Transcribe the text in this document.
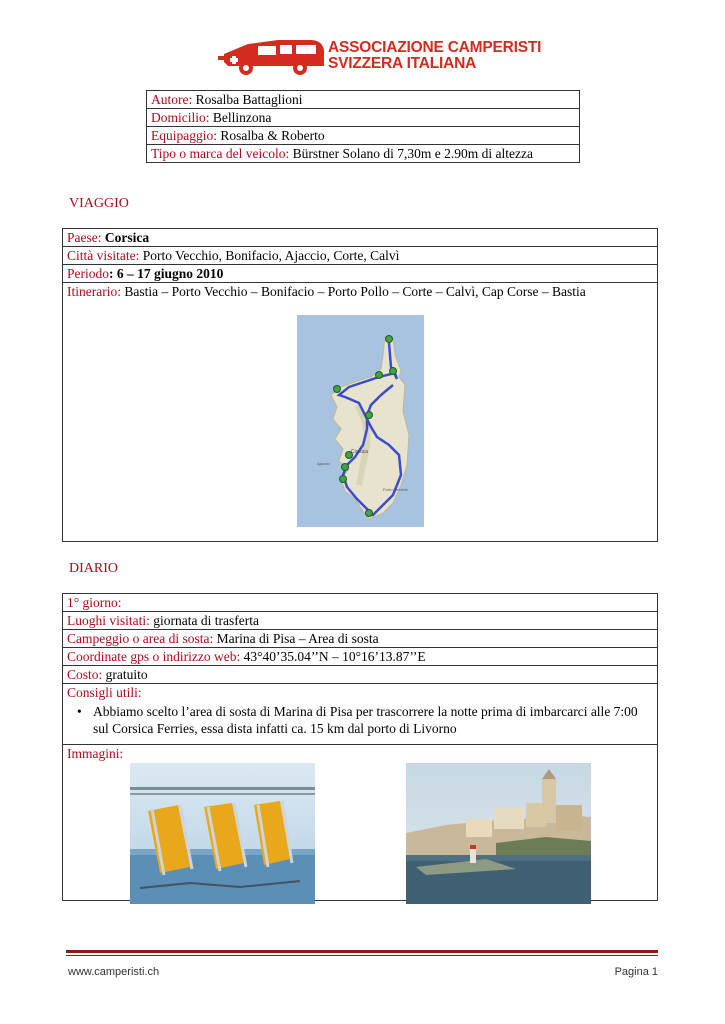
ASSOCIAZIONE CAMPERISTI
SVIZZERA ITALIANA
Autore: Rosalba Battaglioni
Domicilio: Bellinzona
Equipaggio: Rosalba & Roberto
Tipo o marca del veicolo: Bürstner Solano di 7,30m e 2.90m di altezza
VIAGGIO
Paese: Corsica
Città visitate: Porto Vecchio, Bonifacio, Ajaccio, Corte, Calvì
Periodo: 6 – 17 giugno 2010
Itinerario: Bastia – Porto Vecchio – Bonifacio – Porto Pollo – Corte – Calvì, Cap Corse – Bastia
Corsica
Ajaccio
Porto Vecchio
DIARIO
1° giorno:
Luoghi visitati: giornata di trasferta
Campeggio o area di sosta: Marina di Pisa – Area di sosta
Coordinate gps o indirizzo web: 43°40’35.04’’N – 10°16’13.87’’E
Costo: gratuito
Consigli utili:
• Abbiamo scelto l’area di sosta di Marina di Pisa per trascorrere la notte prima di imbarcarci alle 7:00 sul Corsica Ferries, essa dista infatti ca. 15 km dal porto di Livorno

Immagini:
www.camperisti.ch	Pagina 1
